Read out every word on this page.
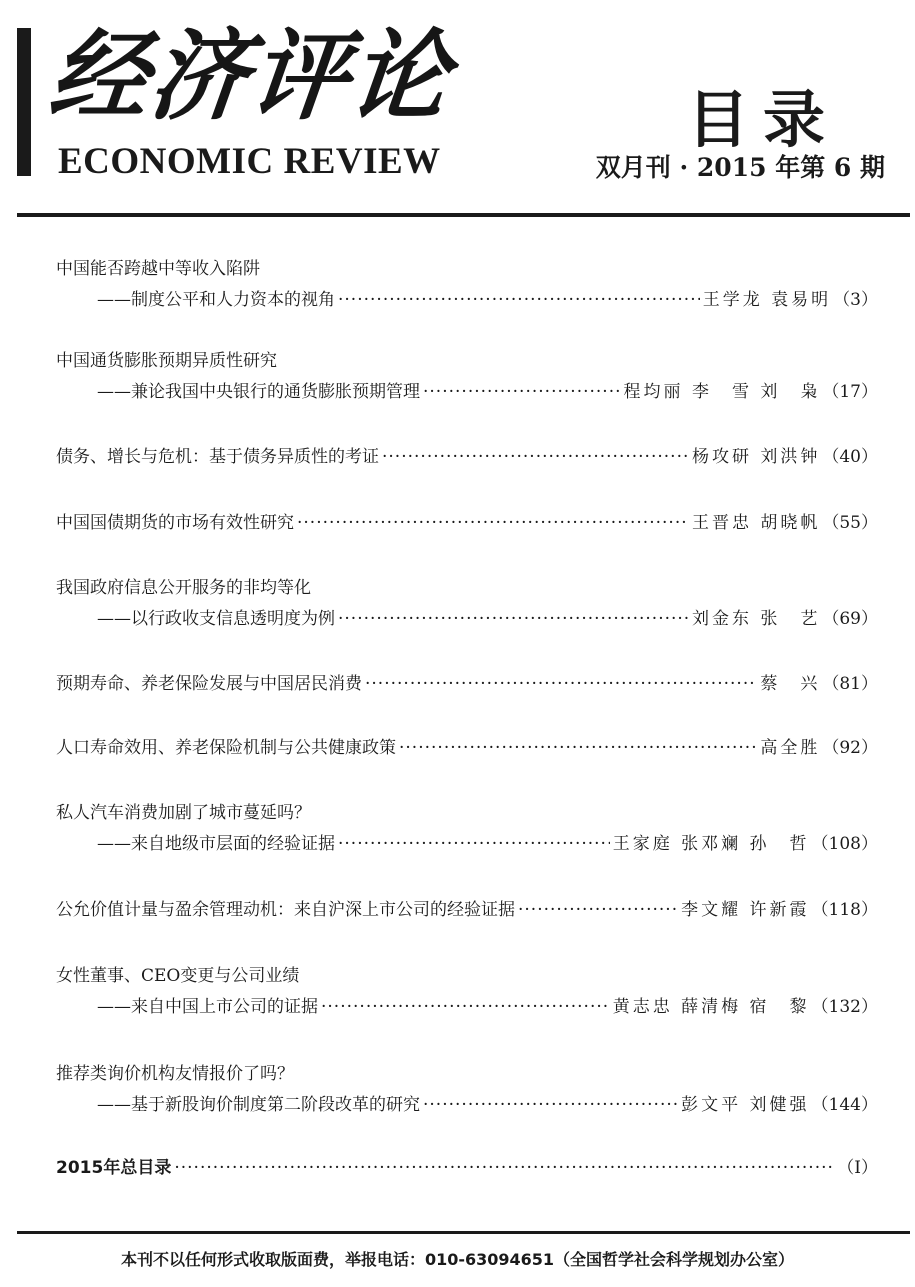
经济评论
ECONOMIC REVIEW
目录
双月刊 · 2015 年第 6 期
中国能否跨越中等收入陷阱
——制度公平和人力资本的视角 ·····	王学龙 袁易明 （3）
中国通货膨胀预期异质性研究
——兼论我国中央银行的通货膨胀预期管理 ·····	程均丽 李　雪 刘　枭 （17）
债务、增长与危机：基于债务异质性的考证 ·····	杨攻研 刘洪钟 （40）
中国国债期货的市场有效性研究 ·····	王晋忠 胡晓帆 （55）
我国政府信息公开服务的非均等化
——以行政收支信息透明度为例 ·····	刘金东 张　艺 （69）
预期寿命、养老保险发展与中国居民消费 ·····	蔡　兴 （81）
人口寿命效用、养老保险机制与公共健康政策 ·····	高全胜 （92）
私人汽车消费加剧了城市蔓延吗？
——来自地级市层面的经验证据 ·····	王家庭 张邓斓 孙　哲 （108）
公允价值计量与盈余管理动机：来自沪深上市公司的经验证据 ·····	李文耀 许新霞 （118）
女性董事、CEO变更与公司业绩
——来自中国上市公司的证据 ·····	黄志忠 薛清梅 宿　黎 （132）
推荐类询价机构友情报价了吗？
——基于新股询价制度第二阶段改革的研究 ·····	彭文平 刘健强 （144）
2015年总目录 ·····	（Ⅰ）
本刊不以任何形式收取版面费，举报电话：010-63094651（全国哲学社会科学规划办公室）
